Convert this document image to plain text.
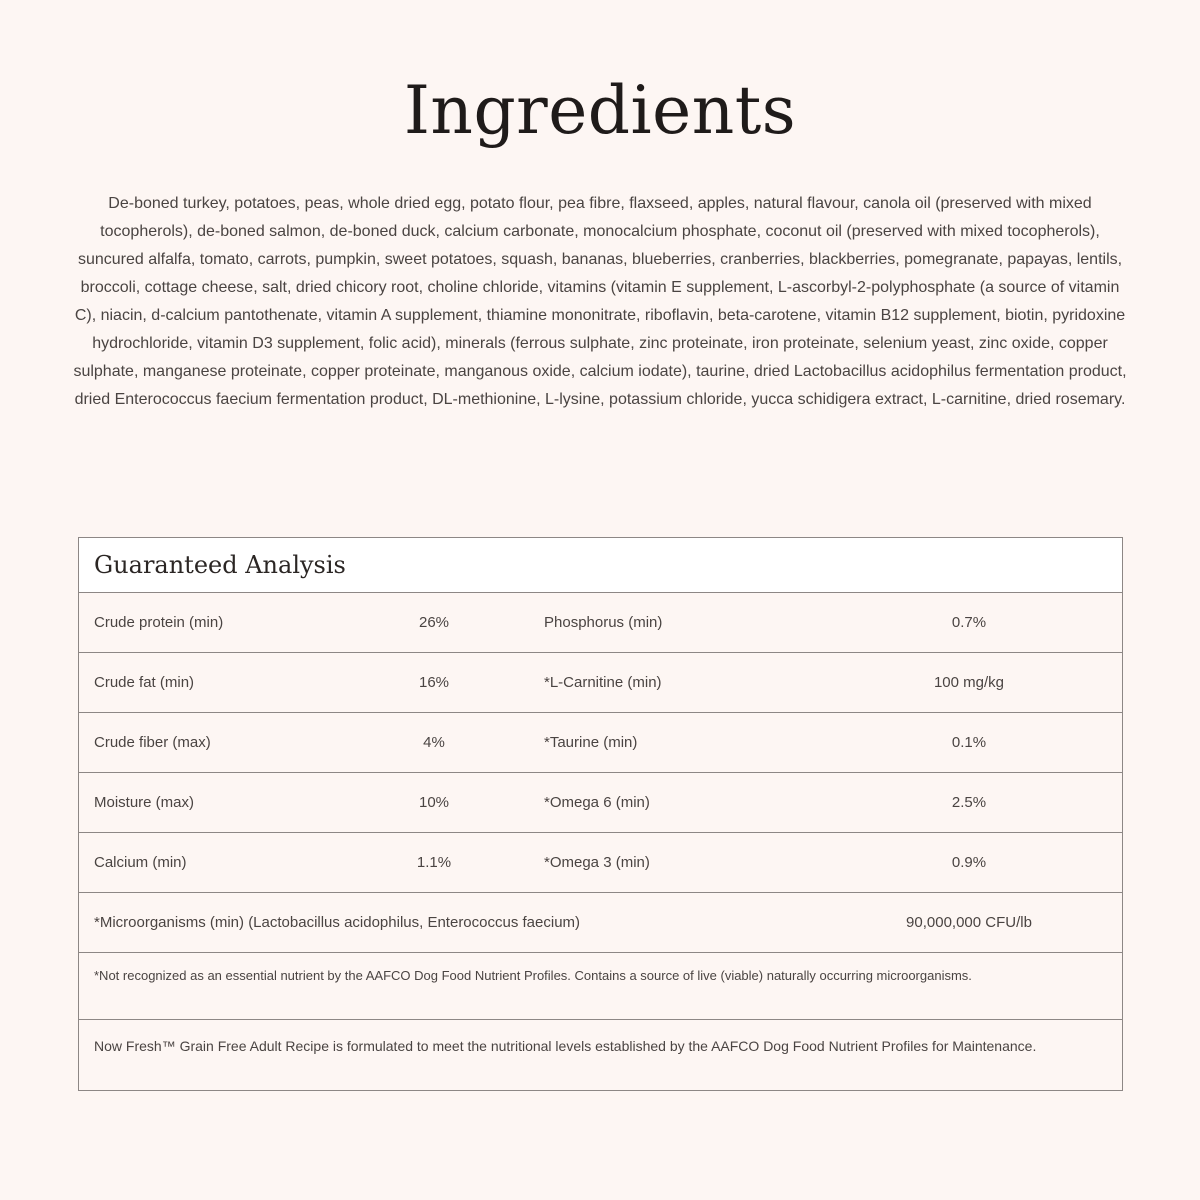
Ingredients
De-boned turkey, potatoes, peas, whole dried egg, potato flour, pea fibre, flaxseed, apples, natural flavour, canola oil (preserved with mixed tocopherols), de-boned salmon, de-boned duck, calcium carbonate, monocalcium phosphate, coconut oil (preserved with mixed tocopherols), suncured alfalfa, tomato, carrots, pumpkin, sweet potatoes, squash, bananas, blueberries, cranberries, blackberries, pomegranate, papayas, lentils, broccoli, cottage cheese, salt, dried chicory root, choline chloride, vitamins (vitamin E supplement, L-ascorbyl-2-polyphosphate (a source of vitamin C), niacin, d-calcium pantothenate, vitamin A supplement, thiamine mononitrate, riboflavin, beta-carotene, vitamin B12 supplement, biotin, pyridoxine hydrochloride, vitamin D3 supplement, folic acid), minerals (ferrous sulphate, zinc proteinate, iron proteinate, selenium yeast, zinc oxide, copper sulphate, manganese proteinate, copper proteinate, manganous oxide, calcium iodate), taurine, dried Lactobacillus acidophilus fermentation product, dried Enterococcus faecium fermentation product, DL-methionine, L-lysine, potassium chloride, yucca schidigera extract, L-carnitine, dried rosemary.
Guaranteed Analysis
Crude protein (min)	26%	Phosphorus (min)	0.7%
Crude fat (min)	16%	*L-Carnitine (min)	100 mg/kg
Crude fiber (max)	4%	*Taurine (min)	0.1%
Moisture (max)	10%	*Omega 6 (min)	2.5%
Calcium (min)	1.1%	*Omega 3 (min)	0.9%
*Microorganisms (min) (Lactobacillus acidophilus, Enterococcus faecium)	90,000,000 CFU/lb
*Not recognized as an essential nutrient by the AAFCO Dog Food Nutrient Profiles. Contains a source of live (viable) naturally occurring microorganisms.
Now Fresh™ Grain Free Adult Recipe is formulated to meet the nutritional levels established by the AAFCO Dog Food Nutrient Profiles for Maintenance.
